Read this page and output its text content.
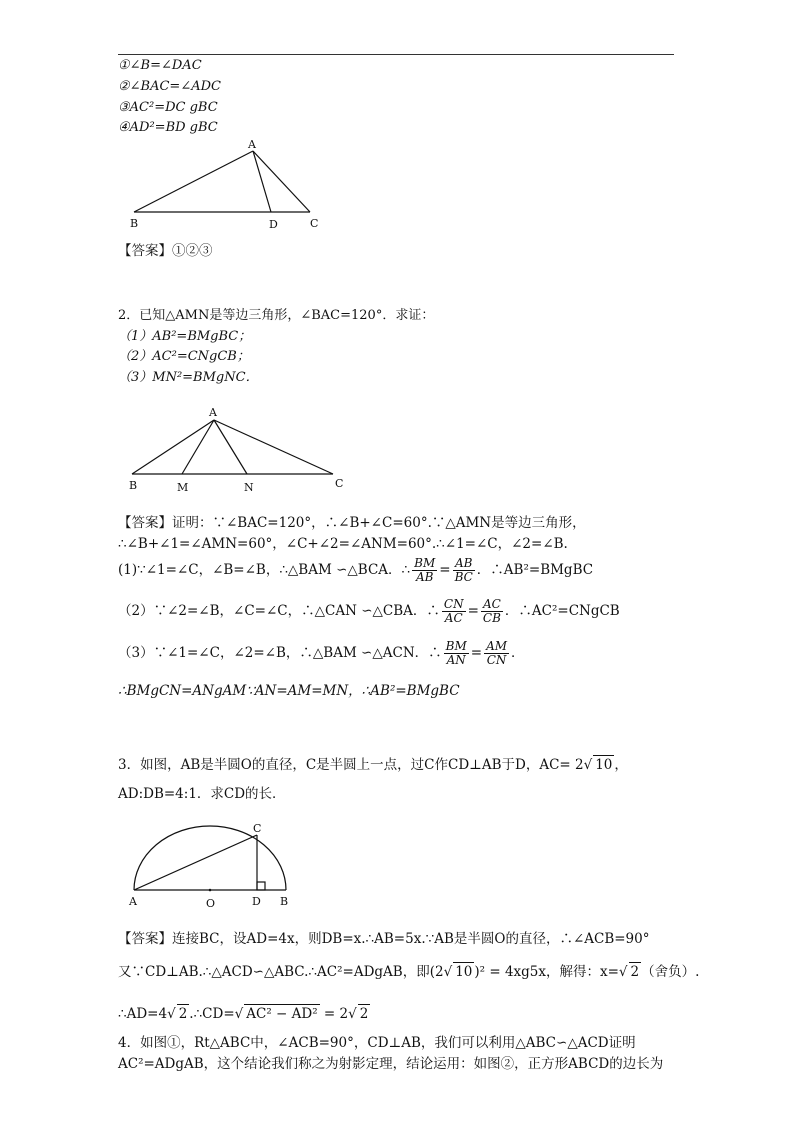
①∠B=∠DAC
②∠BAC=∠ADC
③AC²=DC gBC
④AD²=BD gBC
A
B	D	C
【答案】①②③
2．已知△AMN是等边三角形，∠BAC=120°．求证：
（1）AB²=BMgBC；
（2）AC²=CNgCB；
（3）MN²=BMgNC．
A
B	M	N	C
【答案】证明：∵∠BAC=120°，∴∠B+∠C=60°.∵△AMN是等边三角形，
∴∠B+∠1=∠AMN=60°，∠C+∠2=∠ANM=60°.∴∠1=∠C，∠2=∠B.
(1)∵∠1=∠C，∠B=∠B，∴△BAM ∽△BCA．∴ $\frac{BM}{AB} = \frac{AB}{BC}$ ．∴AB²=BMgBC
（2）∵∠2=∠B，∠C=∠C，∴△CAN ∽△CBA．∴ $\frac{CN}{AC} = \frac{AC}{CB}$ ．∴AC²=CNgCB
（3）∵∠1=∠C，∠2=∠B，∴△BAM ∽△ACN．∴ $\frac{BM}{AN} = \frac{AM}{CN}$ ．
∴BMgCN=ANgAM∵AN=AM=MN，∴AB²=BMgBC
3．如图，AB是半圆O的直径，C是半圆上一点，过C作CD⊥AB于D，AC= 2√ 10 ，
AD:DB=4:1．求CD的长．
C
A	O	D B
【答案】连接BC，设AD=4x，则DB=x.∴AB=5x.∵AB是半圆O的直径，∴∠ACB=90°
又∵CD⊥AB.∴△ACD∽△ABC.∴AC²=ADgAB，即(2√ 10 )² = 4xg5x，解得：x=√ 2 （舍负）.
∴AD=4√ 2 .∴CD=√ AC² − AD² = 2√ 2
4．如图①，Rt△ABC中，∠ACB=90°，CD⊥AB，我们可以利用△ABC∽△ACD证明
AC²=ADgAB，这个结论我们称之为射影定理，结论运用：如图②，正方形ABCD的边长为
